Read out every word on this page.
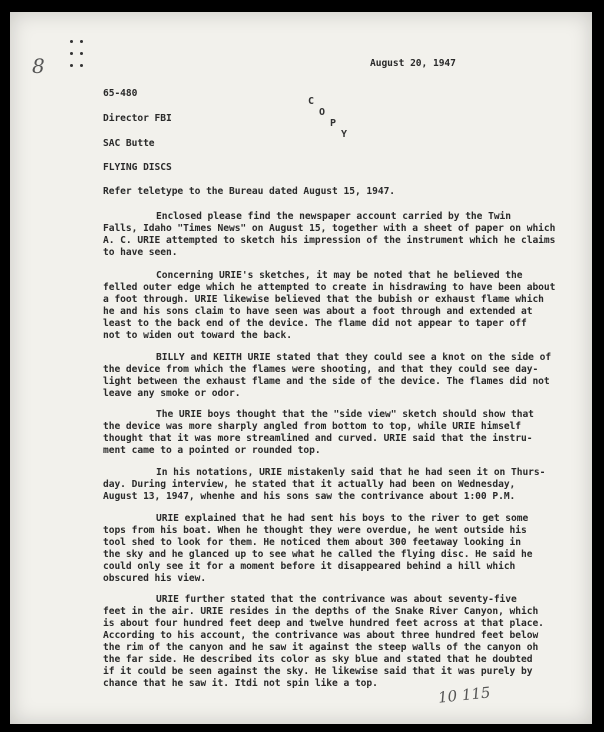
8
C
O
P
Y
August 20, 1947
65-480
Director FBI
SAC Butte
FLYING DISCS
Refer teletype to the Bureau dated August 15, 1947.
Enclosed please find the newspaper account carried by the Twin
Falls, Idaho "Times News" on August 15, together with a sheet of paper on which
A. C. URIE attempted to sketch his impression of the instrument which he claims
to have seen.
Concerning URIE's sketches, it may be noted that he believed the
felled outer edge which he attempted to create in hisdrawing to have been about
a foot through. URIE likewise believed that the bubish or exhaust flame which
he and his sons claim to have seen was about a foot through and extended at
least to the back end of the device. The flame did not appear to taper off
not to widen out toward the back.
BILLY and KEITH URIE stated that they could see a knot on the side of
the device from which the flames were shooting, and that they could see day-
light between the exhaust flame and the side of the device. The flames did not
leave any smoke or odor.
The URIE boys thought that the "side view" sketch should show that
the device was more sharply angled from bottom to top, while URIE himself
thought that it was more streamlined and curved. URIE said that the instru-
ment came to a pointed or rounded top.
In his notations, URIE mistakenly said that he had seen it on Thurs-
day. During interview, he stated that it actually had been on Wednesday,
August 13, 1947, whenhe and his sons saw the contrivance about 1:00 P.M.
URIE explained that he had sent his boys to the river to get some
tops from his boat. When he thought they were overdue, he went outside his
tool shed to look for them. He noticed them about 300 feetaway looking in
the sky and he glanced up to see what he called the flying disc. He said he
could only see it for a moment before it disappeared behind a hill which
obscured his view.
URIE further stated that the contrivance was about seventy-five
feet in the air. URIE resides in the depths of the Snake River Canyon, which
is about four hundred feet deep and twelve hundred feet across at that place.
According to his account, the contrivance was about three hundred feet below
the rim of the canyon and he saw it against the steep walls of the canyon oh
the far side. He described its color as sky blue and stated that he doubted
if it could be seen against the sky. He likewise said that it was purely by
chance that he saw it. Itdi not spin like a top.	10 115
